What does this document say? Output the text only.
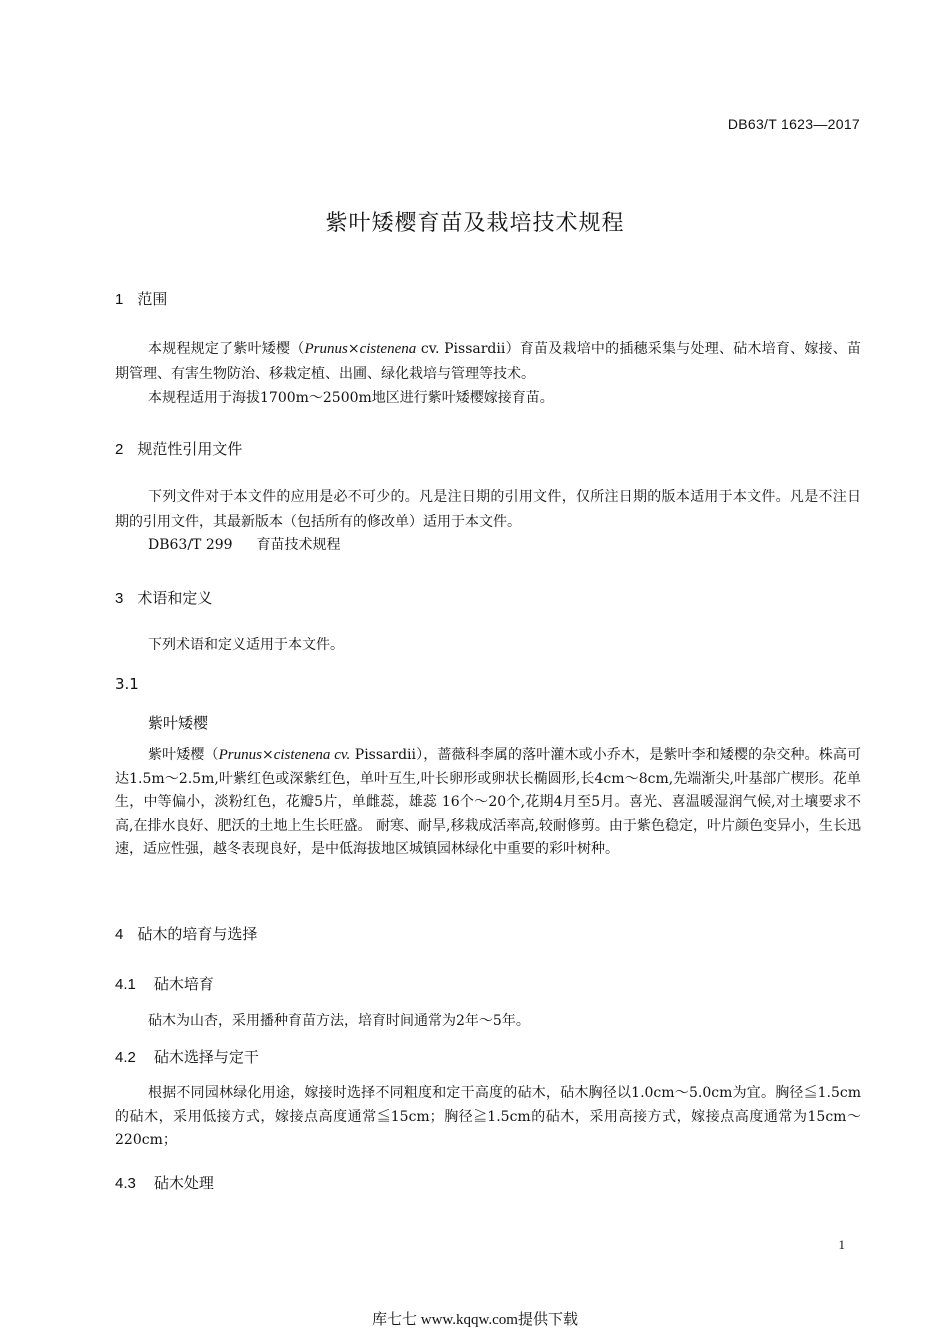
DB63/T 1623—2017
紫叶矮樱育苗及栽培技术规程
1 范围
本规程规定了紫叶矮樱（Prunus×cistenena cv. Pissardii）育苗及栽培中的插穗采集与处理、砧木培育、嫁接、苗期管理、有害生物防治、移栽定植、出圃、绿化栽培与管理等技术。
本规程适用于海拔1700m～2500m地区进行紫叶矮樱嫁接育苗。
2 规范性引用文件
下列文件对于本文件的应用是必不可少的。凡是注日期的引用文件，仅所注日期的版本适用于本文件。凡是不注日期的引用文件，其最新版本（包括所有的修改单）适用于本文件。
DB63/T 299 育苗技术规程
3 术语和定义
下列术语和定义适用于本文件。
3.1
紫叶矮樱
紫叶矮樱（Prunus×cistenena cv. Pissardii），蔷薇科李属的落叶灌木或小乔木，是紫叶李和矮樱的杂交种。株高可达1.5m～2.5m,叶紫红色或深紫红色，单叶互生,叶长卵形或卵状长椭圆形,长4cm～8cm,先端渐尖,叶基部广楔形。花单生，中等偏小，淡粉红色，花瓣5片，单雌蕊，雄蕊 16个～20个,花期4月至5月。喜光、喜温暖湿润气候,对土壤要求不高,在排水良好、肥沃的土地上生长旺盛。 耐寒、耐旱,移栽成活率高,较耐修剪。由于紫色稳定，叶片颜色变异小，生长迅速，适应性强，越冬表现良好，是中低海拔地区城镇园林绿化中重要的彩叶树种。
4 砧木的培育与选择
4.1 砧木培育
砧木为山杏，采用播种育苗方法，培育时间通常为2年～5年。
4.2 砧木选择与定干
根据不同园林绿化用途，嫁接时选择不同粗度和定干高度的砧木，砧木胸径以1.0cm～5.0cm为宜。胸径≦1.5cm的砧木，采用低接方式，嫁接点高度通常≦15cm；胸径≧1.5cm的砧木，采用高接方式，嫁接点高度通常为15cm～220cm；
4.3 砧木处理
1
库七七 www.kqqw.com提供下载
